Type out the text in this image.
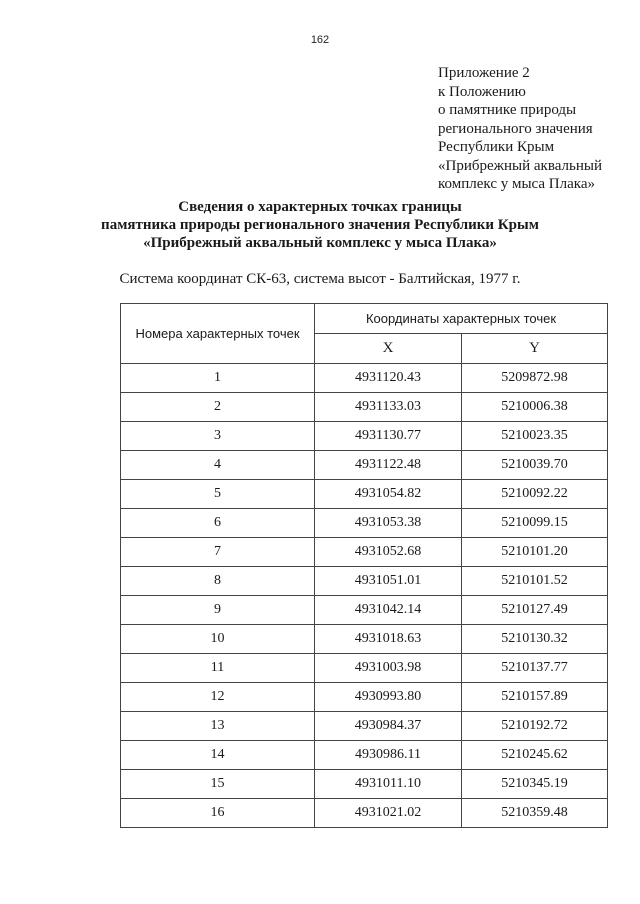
162
Приложение 2
к Положению
о памятнике природы
регионального значения
Республики Крым
«Прибрежный аквальный
комплекс у мыса Плака»
Сведения о характерных точках границы
памятника природы регионального значения Республики Крым
«Прибрежный аквальный комплекс у мыса Плака»
Система координат СК-63, система высот - Балтийская, 1977 г.
Номера характерных точек	Координаты характерных точек	
	X	Y
1	4931120.43	5209872.98
2	4931133.03	5210006.38
3	4931130.77	5210023.35
4	4931122.48	5210039.70
5	4931054.82	5210092.22
6	4931053.38	5210099.15
7	4931052.68	5210101.20
8	4931051.01	5210101.52
9	4931042.14	5210127.49
10	4931018.63	5210130.32
11	4931003.98	5210137.77
12	4930993.80	5210157.89
13	4930984.37	5210192.72
14	4930986.11	5210245.62
15	4931011.10	5210345.19
16	4931021.02	5210359.48
